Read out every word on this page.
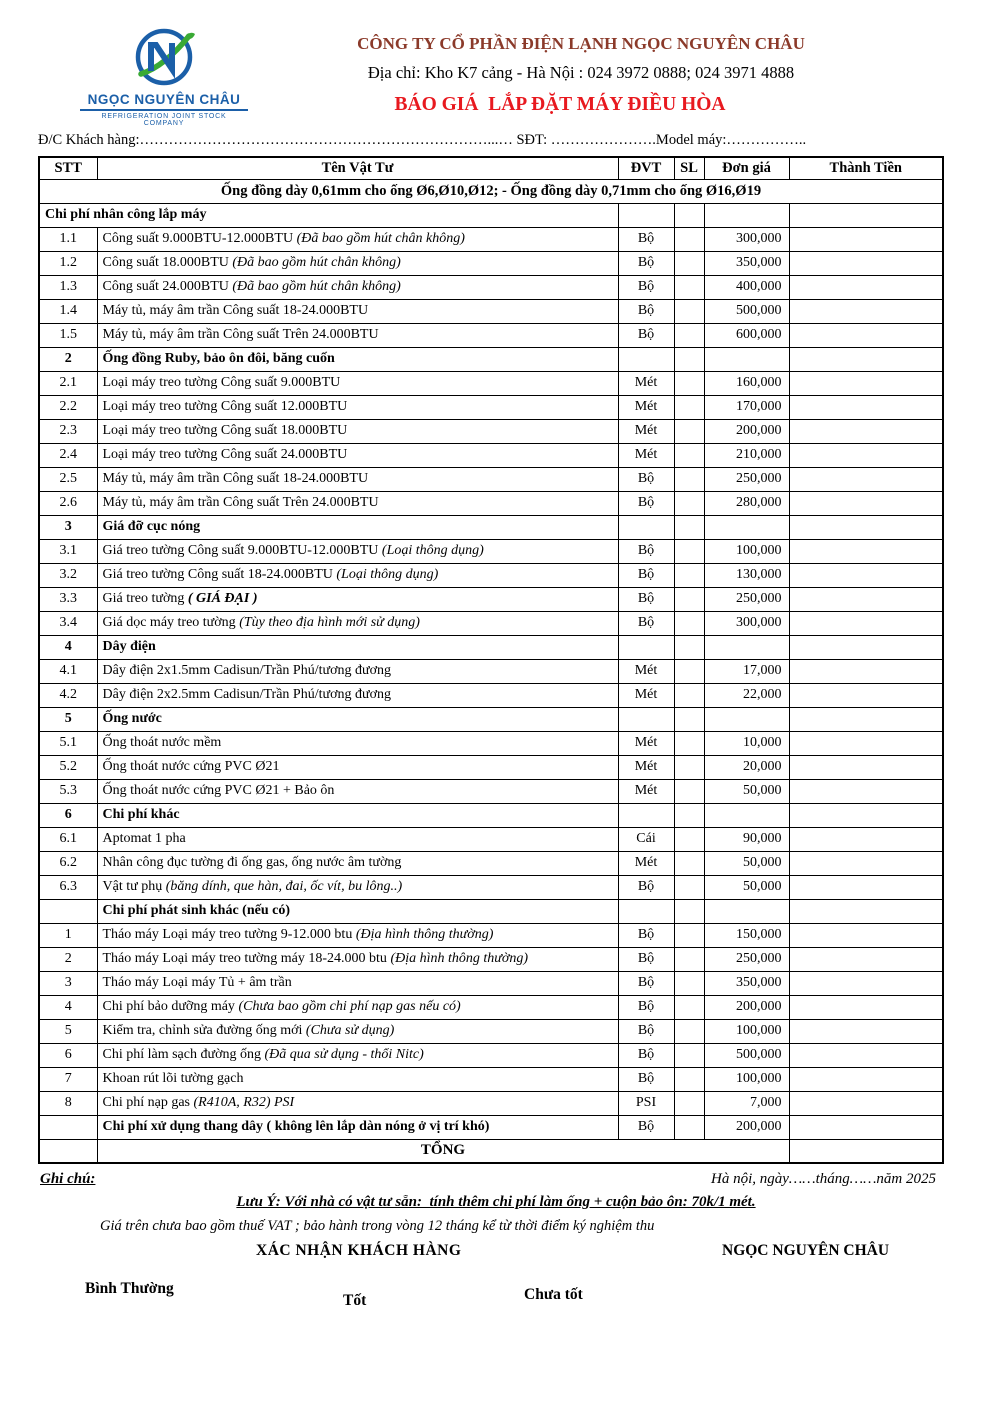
NGỌC NGUYÊN CHÂU
REFRIGERATION JOINT STOCK COMPANY
CÔNG TY CỔ PHẦN ĐIỆN LẠNH NGỌC NGUYÊN CHÂU
Địa chỉ: Kho K7 cảng - Hà Nội : 024 3972 0888; 024 3971 4888
BÁO GIÁ  LẮP ĐẶT MÁY ĐIỀU HÒA
Đ/C Khách hàng:………………………………………………………………...… SĐT: ………………….Model máy:……………..
STT	Tên Vật Tư	ĐVT	SL	Đơn giá	Thành Tiền
Ống đồng dày 0,61mm cho ống Ø6,Ø10,Ø12; - Ống đồng dày 0,71mm cho ống Ø16,Ø19					
Chi phí nhân công lắp máy					
1.1	Công suất 9.000BTU-12.000BTU (Đã bao gồm hút chân không)	Bộ		300,000	
1.2	Công suất 18.000BTU (Đã bao gồm hút chân không)	Bộ		350,000	
1.3	Công suất 24.000BTU (Đã bao gồm hút chân không)	Bộ		400,000	
1.4	Máy tủ, máy âm trần Công suất 18-24.000BTU	Bộ		500,000	
1.5	Máy tủ, máy âm trần Công suất Trên 24.000BTU	Bộ		600,000	
2	Ống đồng Ruby, bảo ôn đôi, băng cuốn				
2.1	Loại máy treo tường Công suất 9.000BTU	Mét		160,000	
2.2	Loại máy treo tường Công suất 12.000BTU	Mét		170,000	
2.3	Loại máy treo tường Công suất 18.000BTU	Mét		200,000	
2.4	Loại máy treo tường Công suất 24.000BTU	Mét		210,000	
2.5	Máy tủ, máy âm trần Công suất 18-24.000BTU	Bộ		250,000	
2.6	Máy tủ, máy âm trần Công suất Trên 24.000BTU	Bộ		280,000	
3	Giá đỡ cục nóng				
3.1	Giá treo tường Công suất 9.000BTU-12.000BTU (Loại thông dụng)	Bộ		100,000	
3.2	Giá treo tường Công suất 18-24.000BTU (Loại thông dụng)	Bộ		130,000	
3.3	Giá treo tường ( GIÁ ĐẠI )	Bộ		250,000	
3.4	Giá dọc máy treo tường (Tùy theo địa hình mới sử dụng)	Bộ		300,000	
4	Dây điện				
4.1	Dây điện 2x1.5mm Cadisun/Trần Phú/tương đương	Mét		17,000	
4.2	Dây điện 2x2.5mm Cadisun/Trần Phú/tương đương	Mét		22,000	
5	Ống nước				
5.1	Ống thoát nước mềm	Mét		10,000	
5.2	Ống thoát nước cứng PVC Ø21	Mét		20,000	
5.3	Ống thoát nước cứng PVC Ø21 + Bảo ôn	Mét		50,000	
6	Chi phí khác				
6.1	Aptomat 1 pha	Cái		90,000	
6.2	Nhân công đục tường đi ống gas, ống nước âm tường	Mét		50,000	
6.3	Vật tư phụ (băng dính, que hàn, đai, ốc vít, bu lông..)	Bộ		50,000	
	Chi phí phát sinh khác (nếu có)				
1	Tháo máy Loại máy treo tường 9-12.000 btu (Địa hình thông thường)	Bộ		150,000	
2	Tháo máy Loại máy treo tường máy 18-24.000 btu (Địa hình thông thường)	Bộ		250,000	
3	Tháo máy Loại máy Tủ + âm trần	Bộ		350,000	
4	Chi phí bảo dưỡng máy (Chưa bao gồm chi phí nạp gas nếu có)	Bộ		200,000	
5	Kiểm tra, chỉnh sửa đường ống mới (Chưa sử dụng)	Bộ		100,000	
6	Chi phí làm sạch đường ống (Đã qua sử dụng - thổi Nitc)	Bộ		500,000	
7	Khoan rút lõi tường gạch	Bộ		100,000	
8	Chi phí nạp gas (R410A, R32) PSI	PSI		7,000	
	Chi phí xử dụng thang dây ( không lên lắp dàn nóng ở vị trí khó)	Bộ		200,000	
	TỔNG				
Ghi chú:	Hà nội, ngày……tháng……năm 2025
Lưu Ý: Với nhà có vật tư sẵn:  tính thêm chi phí làm ống + cuộn bảo ôn: 70k/1 mét.
Giá trên chưa bao gồm thuế VAT ; bảo hành trong vòng 12 tháng kể từ thời điểm ký nghiệm thu
XÁC NHẬN KHÁCH HÀNG	NGỌC NGUYÊN CHÂU
Bình Thường
Tốt	Chưa tốt
